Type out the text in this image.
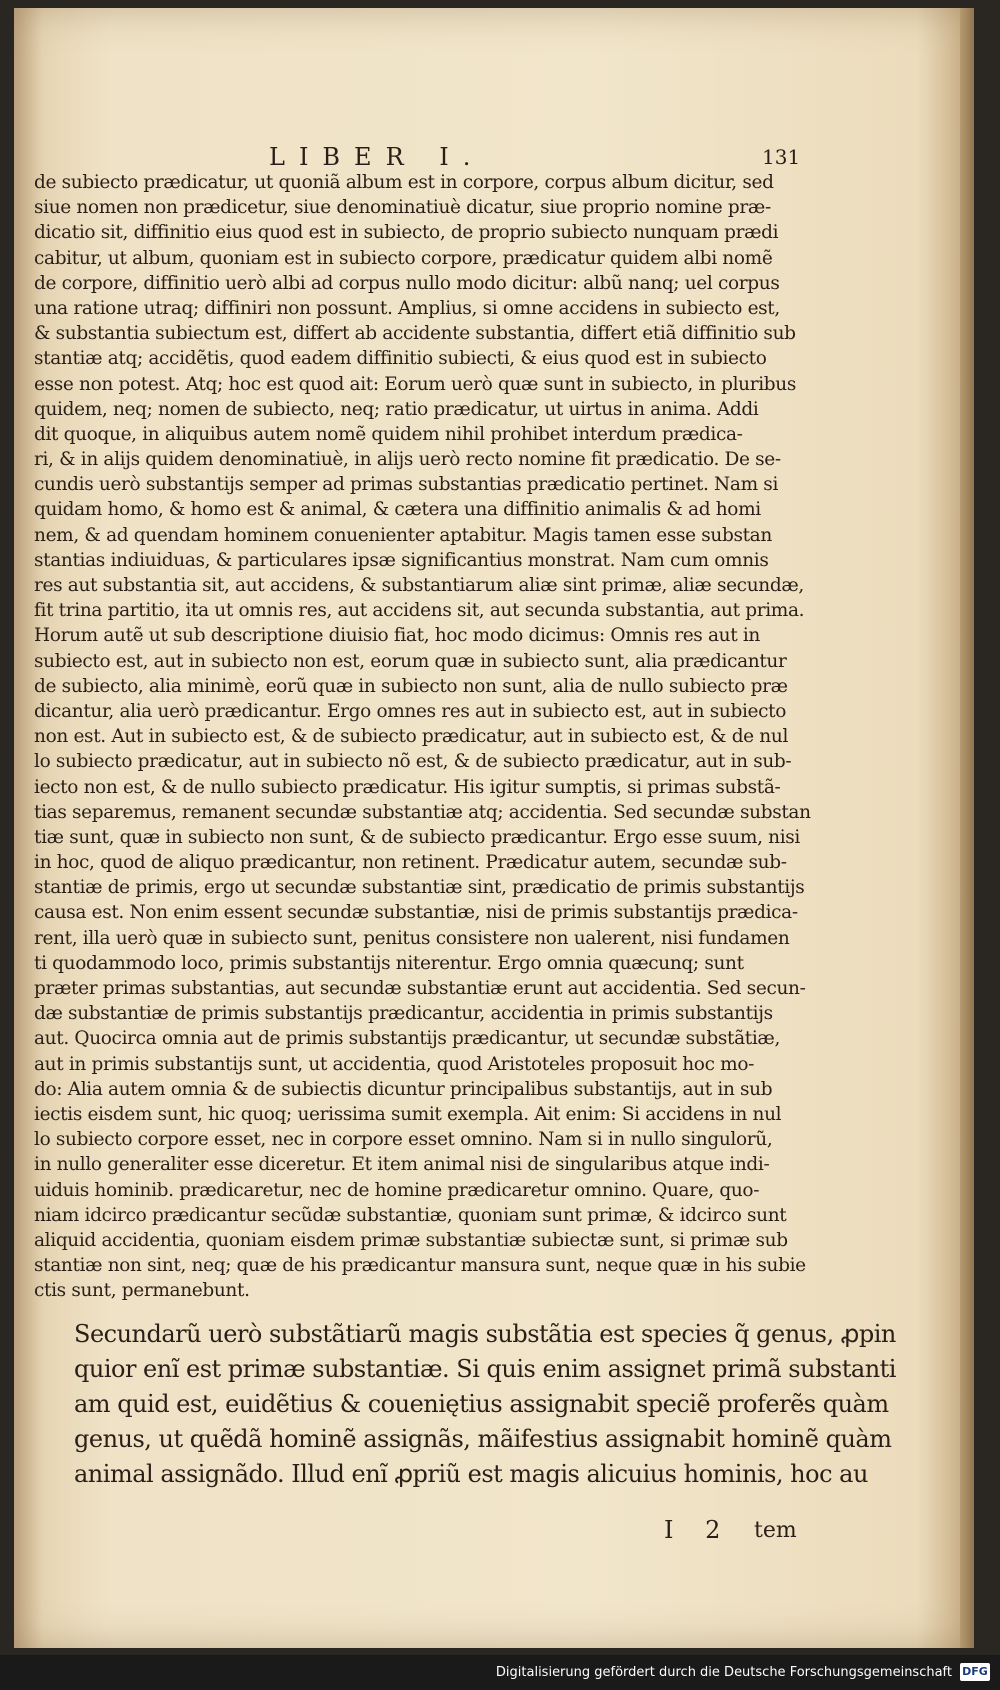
LIBER I.	131
de subiecto prædicatur, ut quoniã album est in corpore, corpus album dicitur, sed
siue nomen non prædicetur, siue denominatiuè dicatur, siue proprio nomine præ-
dicatio sit, diffinitio eius quod est in subiecto, de proprio subiecto nunquam prædi
cabitur, ut album, quoniam est in subiecto corpore, prædicatur quidem albi nomẽ
de corpore, diffinitio uerò albi ad corpus nullo modo dicitur: albũ nanq; uel corpus
una ratione utraq; diffiniri non possunt. Amplius, si omne accidens in subiecto est,
& substantia subiectum est, differt ab accidente substantia, differt etiã diffinitio sub
stantiæ atq; accidẽtis, quod eadem diffinitio subiecti, & eius quod est in subiecto
esse non potest. Atq; hoc est quod ait: Eorum uerò quæ sunt in subiecto, in pluribus
quidem, neq; nomen de subiecto, neq; ratio prædicatur, ut uirtus in anima. Addi
dit quoque, in aliquibus autem nomẽ quidem nihil prohibet interdum prædica-
ri, & in alijs quidem denominatiuè, in alijs uerò recto nomine fit prædicatio. De se-
cundis uerò substantijs semper ad primas substantias prædicatio pertinet. Nam si
quidam homo, & homo est & animal, & cætera una diffinitio animalis & ad homi
nem, & ad quendam hominem conuenienter aptabitur. Magis tamen esse substan
stantias indiuiduas, & particulares ipsæ significantius monstrat. Nam cum omnis
res aut substantia sit, aut accidens, & substantiarum aliæ sint primæ, aliæ secundæ,
fit trina partitio, ita ut omnis res, aut accidens sit, aut secunda substantia, aut prima.
Horum autẽ ut sub descriptione diuisio fiat, hoc modo dicimus: Omnis res aut in
subiecto est, aut in subiecto non est, eorum quæ in subiecto sunt, alia prædicantur
de subiecto, alia minimè, eorũ quæ in subiecto non sunt, alia de nullo subiecto præ
dicantur, alia uerò prædicantur. Ergo omnes res aut in subiecto est, aut in subiecto
non est. Aut in subiecto est, & de subiecto prædicatur, aut in subiecto est, & de nul
lo subiecto prædicatur, aut in subiecto nõ est, & de subiecto prædicatur, aut in sub-
iecto non est, & de nullo subiecto prædicatur. His igitur sumptis, si primas substã-
tias separemus, remanent secundæ substantiæ atq; accidentia. Sed secundæ substan
tiæ sunt, quæ in subiecto non sunt, & de subiecto prædicantur. Ergo esse suum, nisi
in hoc, quod de aliquo prædicantur, non retinent. Prædicatur autem, secundæ sub-
stantiæ de primis, ergo ut secundæ substantiæ sint, prædicatio de primis substantijs
causa est. Non enim essent secundæ substantiæ, nisi de primis substantijs prædica-
rent, illa uerò quæ in subiecto sunt, penitus consistere non ualerent, nisi fundamen
ti quodammodo loco, primis substantijs niterentur. Ergo omnia quæcunq; sunt
præter primas substantias, aut secundæ substantiæ erunt aut accidentia. Sed secun-
dæ substantiæ de primis substantijs prædicantur, accidentia in primis substantijs
aut. Quocirca omnia aut de primis substantijs prædicantur, ut secundæ substãtiæ,
aut in primis substantijs sunt, ut accidentia, quod Aristoteles proposuit hoc mo-
do: Alia autem omnia & de subiectis dicuntur principalibus substantijs, aut in sub
iectis eisdem sunt, hic quoq; uerissima sumit exempla. Ait enim: Si accidens in nul
lo subiecto corpore esset, nec in corpore esset omnino. Nam si in nullo singulorũ,
in nullo generaliter esse diceretur. Et item animal nisi de singularibus atque indi-
uiduis hominib. prædicaretur, nec de homine prædicaretur omnino. Quare, quo-
niam idcirco prædicantur secũdæ substantiæ, quoniam sunt primæ, & idcirco sunt
aliquid accidentia, quoniam eisdem primæ substantiæ subiectæ sunt, si primæ sub
stantiæ non sint, neq; quæ de his prædicantur mansura sunt, neque quæ in his subie
ctis sunt, permanebunt.
Secundarũ uerò substãtiarũ magis substãtia est species q̃ genus, ꝓpin
quior enĩ est primæ substantiæ. Si quis enim assignet primã substanti
am quid est, euidẽtius & coueniętius assignabit speciẽ proferẽs quàm
genus, ut quẽdã hominẽ assignãs, mãifestius assignabit hominẽ quàm
animal assignãdo. Illud enĩ ꝓpriũ est magis alicuius hominis, hoc au
I 2 tem
Digitalisierung gefördert durch die Deutsche Forschungsgemeinschaft DFG
